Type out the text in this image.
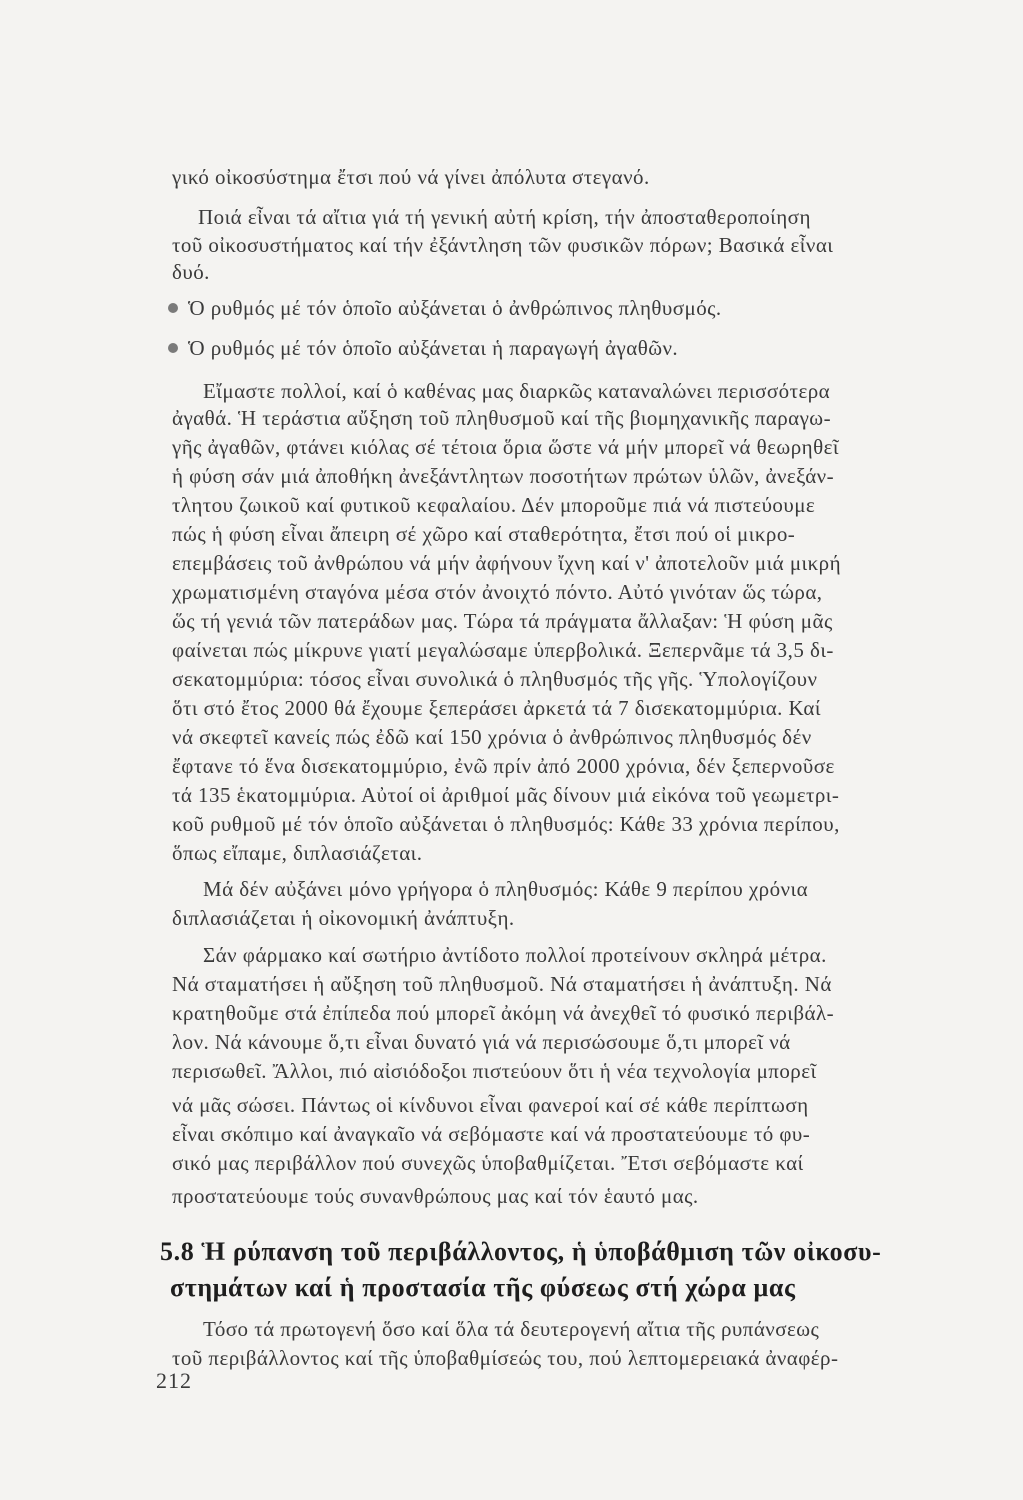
γικό οἰκοσύστημα ἔτσι πού νά γίνει ἀπόλυτα στεγανό.
Ποιά εἶναι τά αἴτια γιά τή γενική αὐτή κρίση, τήν ἀποσταθεροποίηση
τοῦ οἰκοσυστήματος καί τήν ἐξάντληση τῶν φυσικῶν πόρων; Βασικά εἶναι
δυό.
Ὁ ρυθμός μέ τόν ὁποῖο αὐξάνεται ὁ ἀνθρώπινος πληθυσμός.
Ὁ ρυθμός μέ τόν ὁποῖο αὐξάνεται ἡ παραγωγή ἀγαθῶν.
Εἴμαστε πολλοί, καί ὁ καθένας μας διαρκῶς καταναλώνει περισσότερα
ἀγαθά. Ἡ τεράστια αὔξηση τοῦ πληθυσμοῦ καί τῆς βιομηχανικῆς παραγω-
γῆς ἀγαθῶν, φτάνει κιόλας σέ τέτοια ὅρια ὥστε νά μήν μπορεῖ νά θεωρηθεῖ
ἡ φύση σάν μιά ἀποθήκη ἀνεξάντλητων ποσοτήτων πρώτων ὑλῶν, ἀνεξάν-
τλητου ζωικοῦ καί φυτικοῦ κεφαλαίου. Δέν μποροῦμε πιά νά πιστεύουμε
πώς ἡ φύση εἶναι ἄπειρη σέ χῶρο καί σταθερότητα, ἔτσι πού οἱ μικρο-
επεμβάσεις τοῦ ἀνθρώπου νά μήν ἀφήνουν ἴχνη καί ν' ἀποτελοῦν μιά μικρή
χρωματισμένη σταγόνα μέσα στόν ἀνοιχτό πόντο. Αὐτό γινόταν ὥς τώρα,
ὥς τή γενιά τῶν πατεράδων μας. Τώρα τά πράγματα ἄλλαξαν: Ἡ φύση μᾶς
φαίνεται πώς μίκρυνε γιατί μεγαλώσαμε ὑπερβολικά. Ξεπερνᾶμε τά 3,5 δι-
σεκατομμύρια: τόσος εἶναι συνολικά ὁ πληθυσμός τῆς γῆς. Ὑπολογίζουν
ὅτι στό ἔτος 2000 θά ἔχουμε ξεπεράσει ἀρκετά τά 7 δισεκατομμύρια. Καί
νά σκεφτεῖ κανείς πώς ἐδῶ καί 150 χρόνια ὁ ἀνθρώπινος πληθυσμός δέν
ἔφτανε τό ἕνα δισεκατομμύριο, ἐνῶ πρίν ἀπό 2000 χρόνια, δέν ξεπερνοῦσε
τά 135 ἑκατομμύρια. Αὐτοί οἱ ἀριθμοί μᾶς δίνουν μιά εἰκόνα τοῦ γεωμετρι-
κοῦ ρυθμοῦ μέ τόν ὁποῖο αὐξάνεται ὁ πληθυσμός: Κάθε 33 χρόνια περίπου,
ὅπως εἴπαμε, διπλασιάζεται.
Μά δέν αὐξάνει μόνο γρήγορα ὁ πληθυσμός: Κάθε 9 περίπου χρόνια
διπλασιάζεται ἡ οἰκονομική ἀνάπτυξη.
Σάν φάρμακο καί σωτήριο ἀντίδοτο πολλοί προτείνουν σκληρά μέτρα.
Νά σταματήσει ἡ αὔξηση τοῦ πληθυσμοῦ. Νά σταματήσει ἡ ἀνάπτυξη. Νά
κρατηθοῦμε στά ἐπίπεδα πού μπορεῖ ἀκόμη νά ἀνεχθεῖ τό φυσικό περιβάλ-
λον. Νά κάνουμε ὅ,τι εἶναι δυνατό γιά νά περισώσουμε ὅ,τι μπορεῖ νά
περισωθεῖ. Ἄλλοι, πιό αἰσιόδοξοι πιστεύουν ὅτι ἡ νέα τεχνολογία μπορεῖ
νά μᾶς σώσει. Πάντως οἱ κίνδυνοι εἶναι φανεροί καί σέ κάθε περίπτωση
εἶναι σκόπιμο καί ἀναγκαῖο νά σεβόμαστε καί νά προστατεύουμε τό φυ-
σικό μας περιβάλλον πού συνεχῶς ὑποβαθμίζεται. Ἔτσι σεβόμαστε καί
προστατεύουμε τούς συνανθρώπους μας καί τόν ἑαυτό μας.
5.8 Ἡ ρύπανση τοῦ περιβάλλοντος, ἡ ὑποβάθμιση τῶν οἰκοσυ-
στημάτων καί ἡ προστασία τῆς φύσεως στή χώρα μας
Τόσο τά πρωτογενή ὅσο καί ὅλα τά δευτερογενή αἴτια τῆς ρυπάνσεως
τοῦ περιβάλλοντος καί τῆς ὑποβαθμίσεώς του, πού λεπτομερειακά ἀναφέρ-
212
